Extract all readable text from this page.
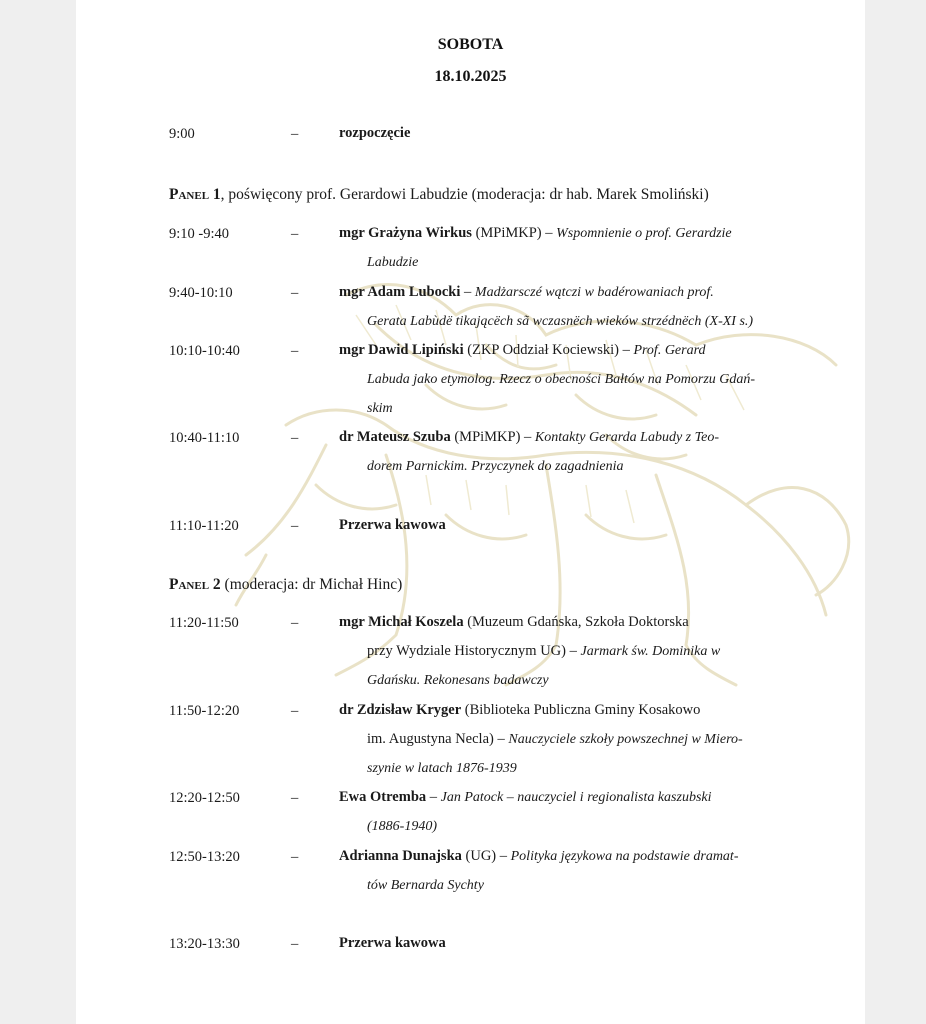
SOBOTA
18.10.2025
9:00	–	rozpoczęcie
Panel 1, poświęcony prof. Gerardowi Labudzie (moderacja: dr hab. Marek Smoliński)
9:10 -9:40	–	mgr Grażyna Wirkus (MPiMKP) – Wspomnienie o prof. Gerardzie
Labudzie
9:40-10:10	–	mgr Adam Lubocki – Madżarsczé wątczi w badérowaniach prof.
Gerata Labùdë tikającëch sã wczasnëch wieków strzédnëch (X-XI s.)
10:10-10:40	–	mgr Dawid Lipiński (ZKP Oddział Kociewski) – Prof. Gerard
Labuda jako etymolog. Rzecz o obecności Bałtów na Pomorzu Gdań-
skim
10:40-11:10	–	dr Mateusz Szuba (MPiMKP) – Kontakty Gerarda Labudy z Teo-
dorem Parnickim. Przyczynek do zagadnienia
11:10-11:20	–	Przerwa kawowa
Panel 2 (moderacja: dr Michał Hinc)
11:20-11:50	–	mgr Michał Koszela (Muzeum Gdańska, Szkoła Doktorska
przy Wydziale Historycznym UG) – Jarmark św. Dominika w
Gdańsku. Rekonesans badawczy
11:50-12:20	–	dr Zdzisław Kryger (Biblioteka Publiczna Gminy Kosakowo
im. Augustyna Necla) – Nauczyciele szkoły powszechnej w Miero-
szynie w latach 1876-1939
12:20-12:50	–	Ewa Otremba – Jan Patock – nauczyciel i regionalista kaszubski
(1886-1940)
12:50-13:20	–	Adrianna Dunajska (UG) – Polityka językowa na podstawie dramat-
tów Bernarda Sychty
13:20-13:30	–	Przerwa kawowa
